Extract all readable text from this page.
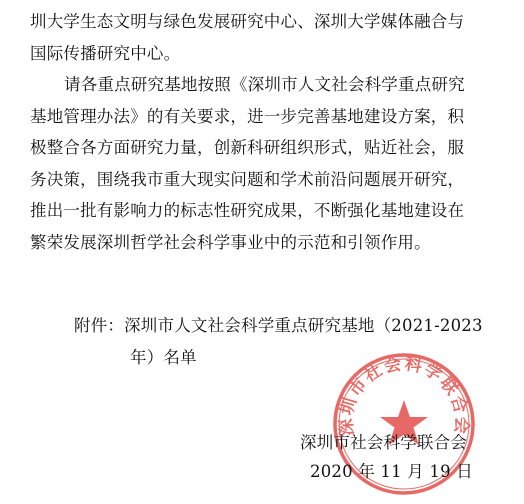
圳大学生态文明与绿色发展研究中心、深圳大学媒体融合与
国际传播研究中心。
请各重点研究基地按照《深圳市人文社会科学重点研究
基地管理办法》的有关要求，进一步完善基地建设方案，积
极整合各方面研究力量，创新科研组织形式，贴近社会，服
务决策，围绕我市重大现实问题和学术前沿问题展开研究，
推出一批有影响力的标志性研究成果，不断强化基地建设在
繁荣发展深圳哲学社会科学事业中的示范和引领作用。
附件：深圳市人文社会科学重点研究基地（2021-2023
年）名单
深圳市社会科学联合会
深圳市社会科学联合会
2020 年 11 月 19 日
